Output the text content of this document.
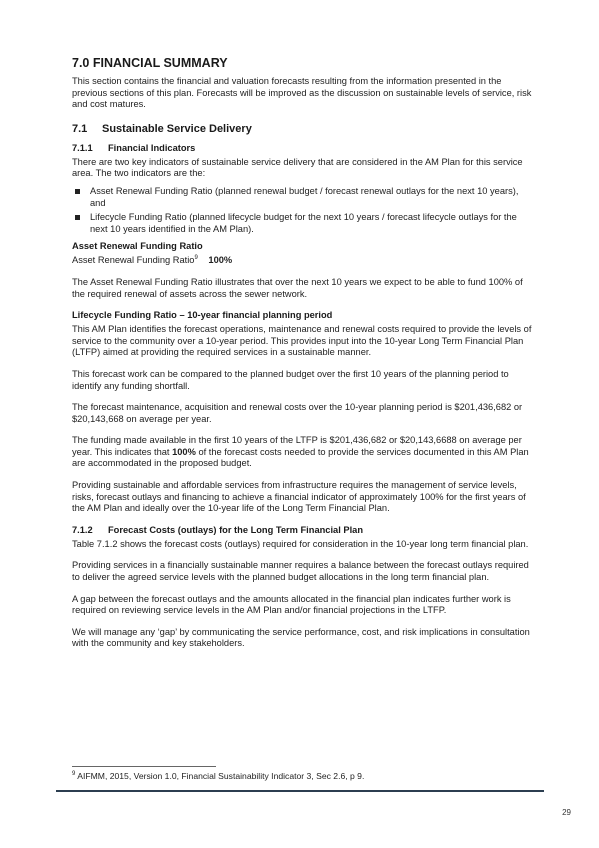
7.0 FINANCIAL SUMMARY

This section contains the financial and valuation forecasts resulting from the information presented in the previous sections of this plan. Forecasts will be improved as the discussion on sustainable levels of service, risk and cost matures.

7.1 Sustainable Service Delivery
7.1.1 Financial Indicators

There are two key indicators of sustainable service delivery that are considered in the AM Plan for this service area. The two indicators are the:

Asset Renewal Funding Ratio (planned renewal budget / forecast renewal outlays for the next 10 years), and
Lifecycle Funding Ratio (planned lifecycle budget for the next 10 years / forecast lifecycle outlays for the next 10 years identified in the AM Plan).
Asset Renewal Funding Ratio
Asset Renewal Funding Ratio$^9$ 100%

The Asset Renewal Funding Ratio illustrates that over the next 10 years we expect to be able to fund 100% of the required renewal of assets across the sewer network.

Lifecycle Funding Ratio – 10-year financial planning period

This AM Plan identifies the forecast operations, maintenance and renewal costs required to provide the levels of service to the community over a 10-year period. This provides input into the 10-year Long Term Financial Plan (LTFP) aimed at providing the required services in a sustainable manner.

This forecast work can be compared to the planned budget over the first 10 years of the planning period to identify any funding shortfall.

The forecast maintenance, acquisition and renewal costs over the 10-year planning period is $201,436,682 or $20,143,668 on average per year.

The funding made available in the first 10 years of the LTFP is $201,436,682 or $20,143,6688 on average per year. This indicates that 100% of the forecast costs needed to provide the services documented in this AM Plan are accommodated in the proposed budget.

Providing sustainable and affordable services from infrastructure requires the management of service levels, risks, forecast outlays and financing to achieve a financial indicator of approximately 100% for the first years of the AM Plan and ideally over the 10-year life of the Long Term Financial Plan.

7.1.2 Forecast Costs (outlays) for the Long Term Financial Plan

Table 7.1.2 shows the forecast costs (outlays) required for consideration in the 10-year long term financial plan.

Providing services in a financially sustainable manner requires a balance between the forecast outlays required to deliver the agreed service levels with the planned budget allocations in the long term financial plan.

A gap between the forecast outlays and the amounts allocated in the financial plan indicates further work is required on reviewing service levels in the AM Plan and/or financial projections in the LTFP.

We will manage any ‘gap’ by communicating the service performance, cost, and risk implications in consultation with the community and key stakeholders.

$^9$ AIFMM, 2015, Version 1.0, Financial Sustainability Indicator 3, Sec 2.6, p 9.
29
